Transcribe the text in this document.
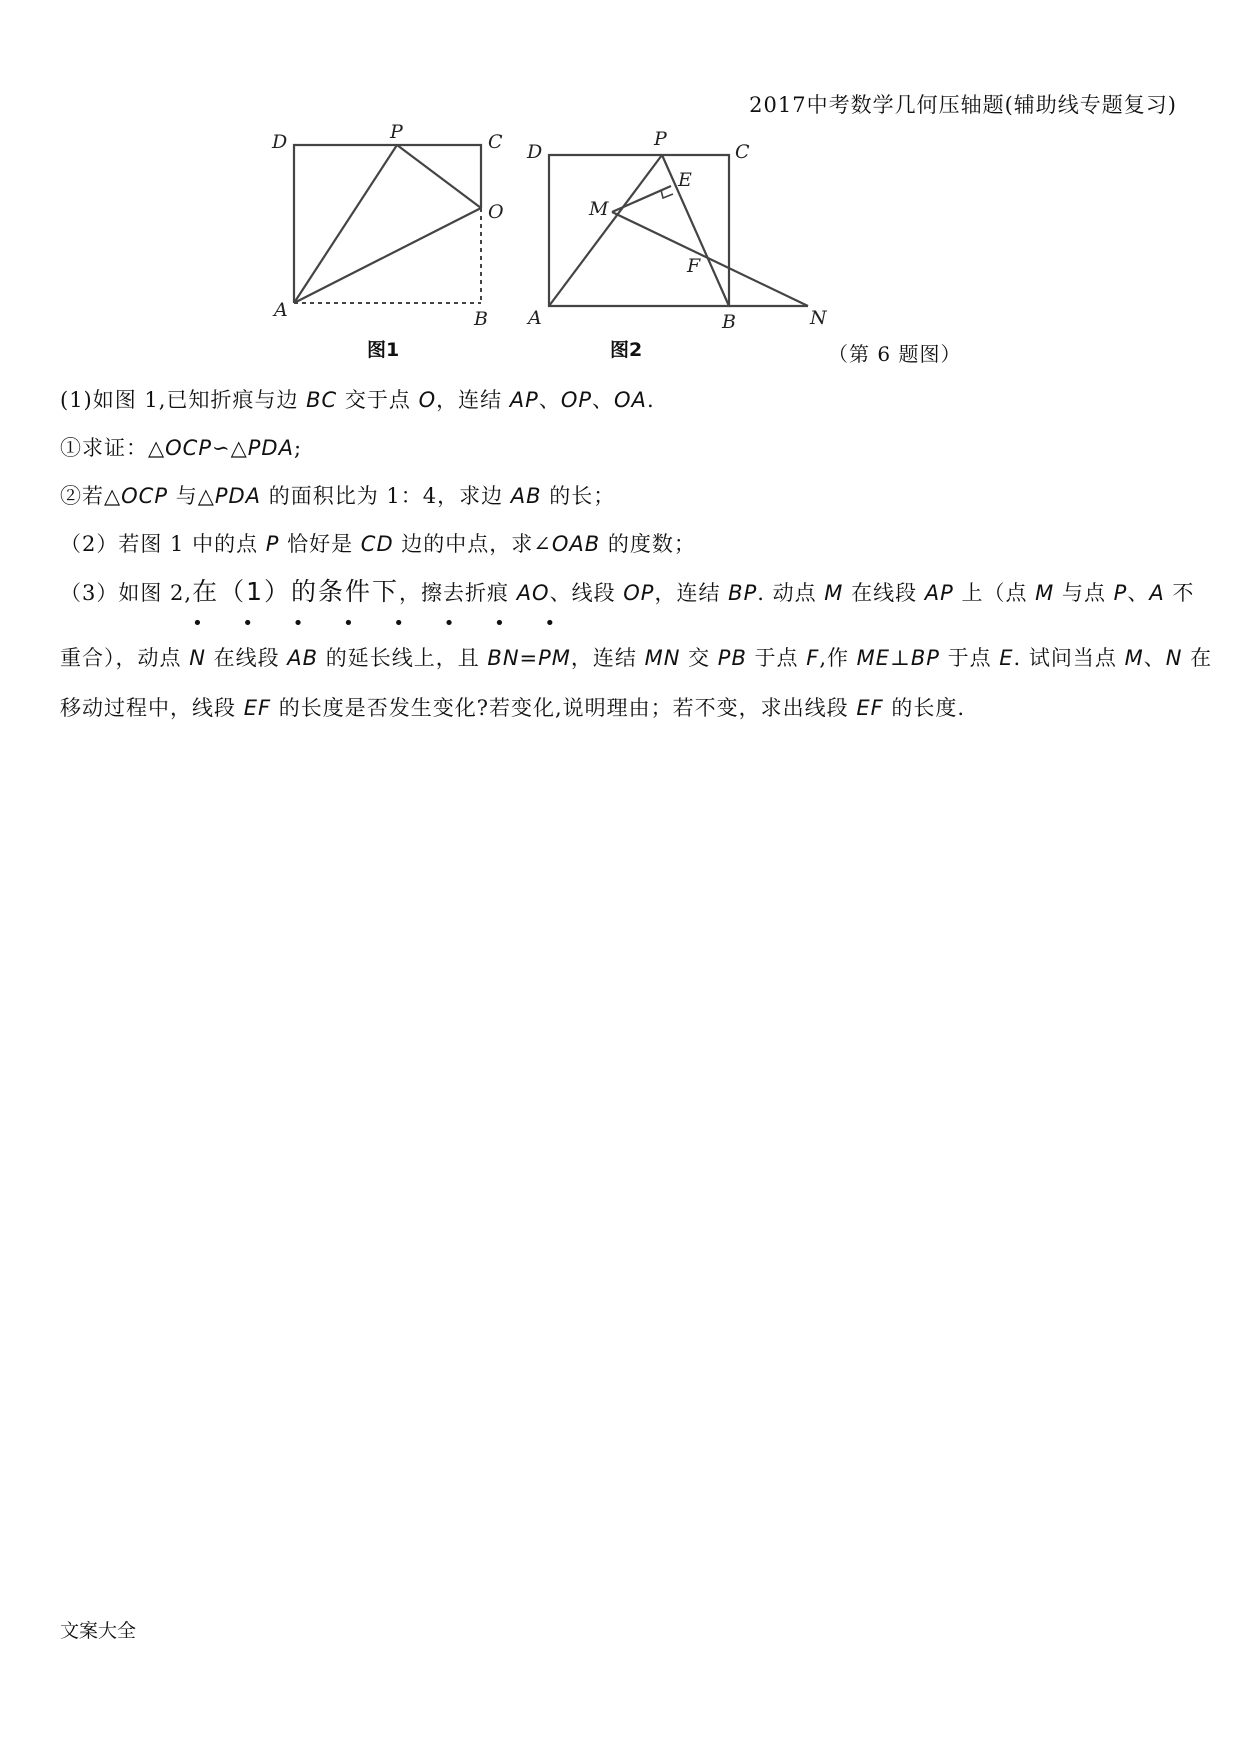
2017中考数学几何压轴题(辅助线专题复习)
D	P	C
O
A	B
图1
D
P
C
E
M
F
A	B	N
图2	（第 6 题图）
(1)如图 1,已知折痕与边 BC 交于点 O，连结 AP、OP、OA.
①求证：△OCP∽△PDA;
②若△OCP 与△PDA 的面积比为 1：4，求边 AB 的长；
（2）若图 1 中的点 P 恰好是 CD 边的中点，求∠OAB 的度数；
（3）如图 2,在（1）的条件下
• • • • • • • •
，擦去折痕 AO、线段 OP，连结 BP. 动点 M 在线段 AP 上（点 M 与点 P、A 不
重合），动点 N 在线段 AB 的延长线上，且 BN=PM，连结 MN 交 PB 于点 F,作 ME⊥BP 于点 E. 试问当点 M、N 在
移动过程中，线段 EF 的长度是否发生变化?若变化,说明理由；若不变，求出线段 EF 的长度.
文案大全
